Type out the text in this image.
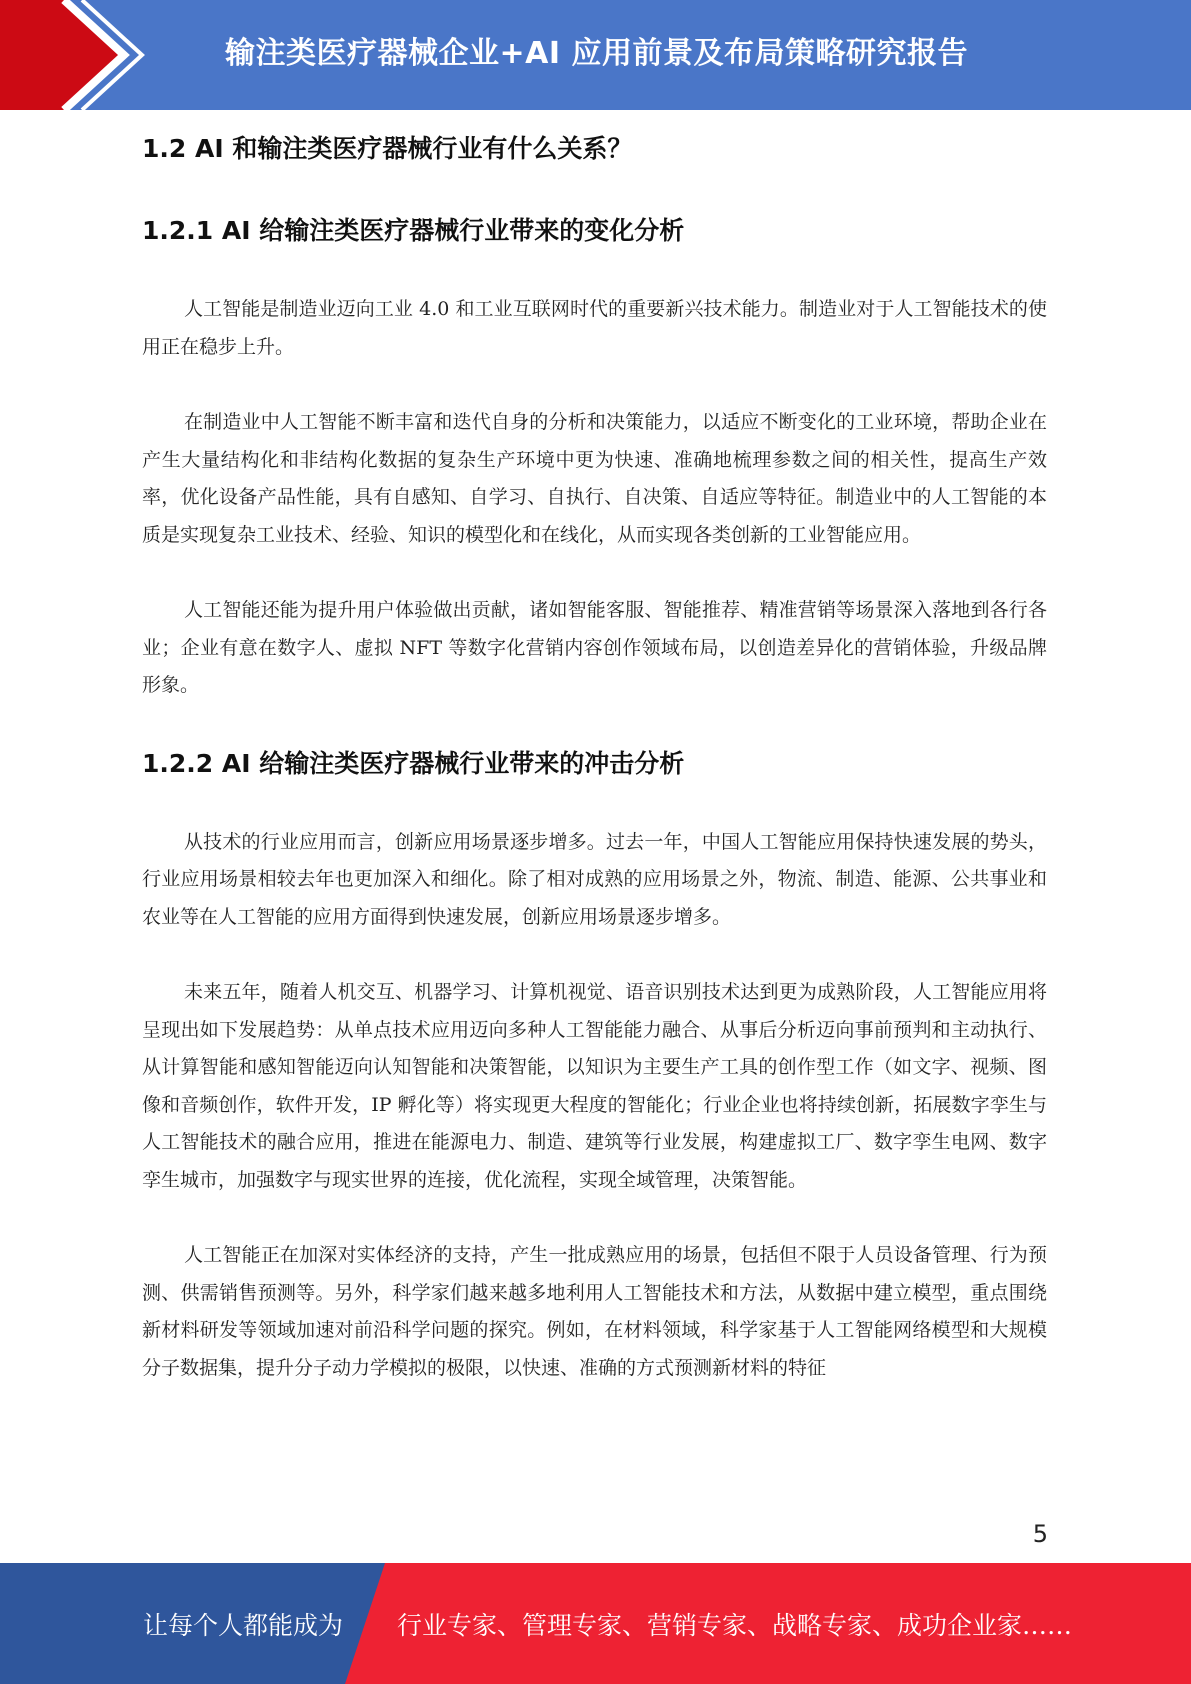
输注类医疗器械企业+AI 应用前景及布局策略研究报告
1.2 AI 和输注类医疗器械行业有什么关系？
1.2.1 AI 给输注类医疗器械行业带来的变化分析

人工智能是制造业迈向工业 4.0 和工业互联网时代的重要新兴技术能力。制造业对于人工智能技术的使用正在稳步上升。

在制造业中人工智能不断丰富和迭代自身的分析和决策能力，以适应不断变化的工业环境，帮助企业在产生大量结构化和非结构化数据的复杂生产环境中更为快速、准确地梳理参数之间的相关性，提高生产效率，优化设备产品性能，具有自感知、自学习、自执行、自决策、自适应等特征。制造业中的人工智能的本质是实现复杂工业技术、经验、知识的模型化和在线化，从而实现各类创新的工业智能应用。

人工智能还能为提升用户体验做出贡献，诸如智能客服、智能推荐、精准营销等场景深入落地到各行各业；企业有意在数字人、虚拟 NFT 等数字化营销内容创作领域布局，以创造差异化的营销体验，升级品牌形象。

1.2.2 AI 给输注类医疗器械行业带来的冲击分析

从技术的行业应用而言，创新应用场景逐步增多。过去一年，中国人工智能应用保持快速发展的势头，行业应用场景相较去年也更加深入和细化。除了相对成熟的应用场景之外，物流、制造、能源、公共事业和农业等在人工智能的应用方面得到快速发展，创新应用场景逐步增多。

未来五年，随着人机交互、机器学习、计算机视觉、语音识别技术达到更为成熟阶段，人工智能应用将呈现出如下发展趋势：从单点技术应用迈向多种人工智能能力融合、从事后分析迈向事前预判和主动执行、从计算智能和感知智能迈向认知智能和决策智能，以知识为主要生产工具的创作型工作（如文字、视频、图像和音频创作，软件开发，IP 孵化等）将实现更大程度的智能化；行业企业也将持续创新，拓展数字孪生与人工智能技术的融合应用，推进在能源电力、制造、建筑等行业发展，构建虚拟工厂、数字孪生电网、数字孪生城市，加强数字与现实世界的连接，优化流程，实现全域管理，决策智能。

人工智能正在加深对实体经济的支持，产生一批成熟应用的场景，包括但不限于人员设备管理、行为预测、供需销售预测等。另外，科学家们越来越多地利用人工智能技术和方法，从数据中建立模型，重点围绕新材料研发等领域加速对前沿科学问题的探究。例如，在材料领域，科学家基于人工智能网络模型和大规模分子数据集，提升分子动力学模拟的极限，以快速、准确的方式预测新材料的特征

5
让每个人都能成为 行业专家、管理专家、营销专家、战略专家、成功企业家……
